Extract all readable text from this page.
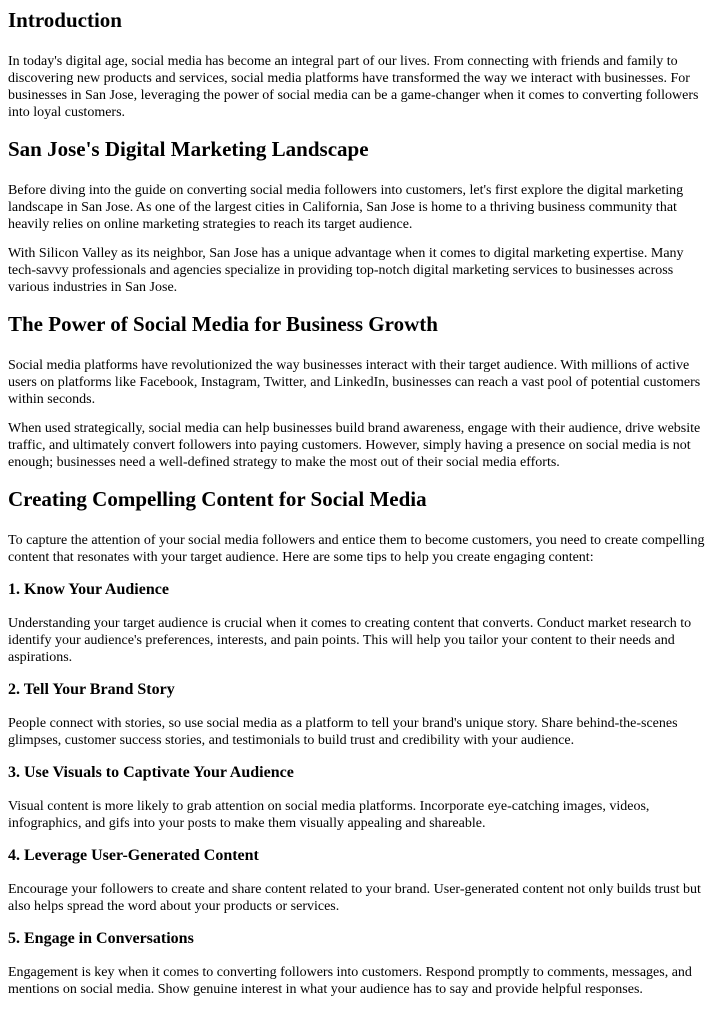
Introduction

In today's digital age, social media has become an integral part of our lives. From connecting with friends and family to discovering new products and services, social media platforms have transformed the way we interact with businesses. For businesses in San Jose, leveraging the power of social media can be a game-changer when it comes to converting followers into loyal customers.

San Jose's Digital Marketing Landscape

Before diving into the guide on converting social media followers into customers, let's first explore the digital marketing landscape in San Jose. As one of the largest cities in California, San Jose is home to a thriving business community that heavily relies on online marketing strategies to reach its target audience.

With Silicon Valley as its neighbor, San Jose has a unique advantage when it comes to digital marketing expertise. Many tech-savvy professionals and agencies specialize in providing top-notch digital marketing services to businesses across various industries in San Jose.

The Power of Social Media for Business Growth

Social media platforms have revolutionized the way businesses interact with their target audience. With millions of active users on platforms like Facebook, Instagram, Twitter, and LinkedIn, businesses can reach a vast pool of potential customers within seconds.

When used strategically, social media can help businesses build brand awareness, engage with their audience, drive website traffic, and ultimately convert followers into paying customers. However, simply having a presence on social media is not enough; businesses need a well-defined strategy to make the most out of their social media efforts.

Creating Compelling Content for Social Media

To capture the attention of your social media followers and entice them to become customers, you need to create compelling content that resonates with your target audience. Here are some tips to help you create engaging content:

1. Know Your Audience

Understanding your target audience is crucial when it comes to creating content that converts. Conduct market research to identify your audience's preferences, interests, and pain points. This will help you tailor your content to their needs and aspirations.

2. Tell Your Brand Story

People connect with stories, so use social media as a platform to tell your brand's unique story. Share behind-the-scenes glimpses, customer success stories, and testimonials to build trust and credibility with your audience.

3. Use Visuals to Captivate Your Audience

Visual content is more likely to grab attention on social media platforms. Incorporate eye-catching images, videos, infographics, and gifs into your posts to make them visually appealing and shareable.

4. Leverage User-Generated Content

Encourage your followers to create and share content related to your brand. User-generated content not only builds trust but also helps spread the word about your products or services.

5. Engage in Conversations

Engagement is key when it comes to converting followers into customers. Respond promptly to comments, messages, and mentions on social media. Show genuine interest in what your audience has to say and provide helpful responses.
